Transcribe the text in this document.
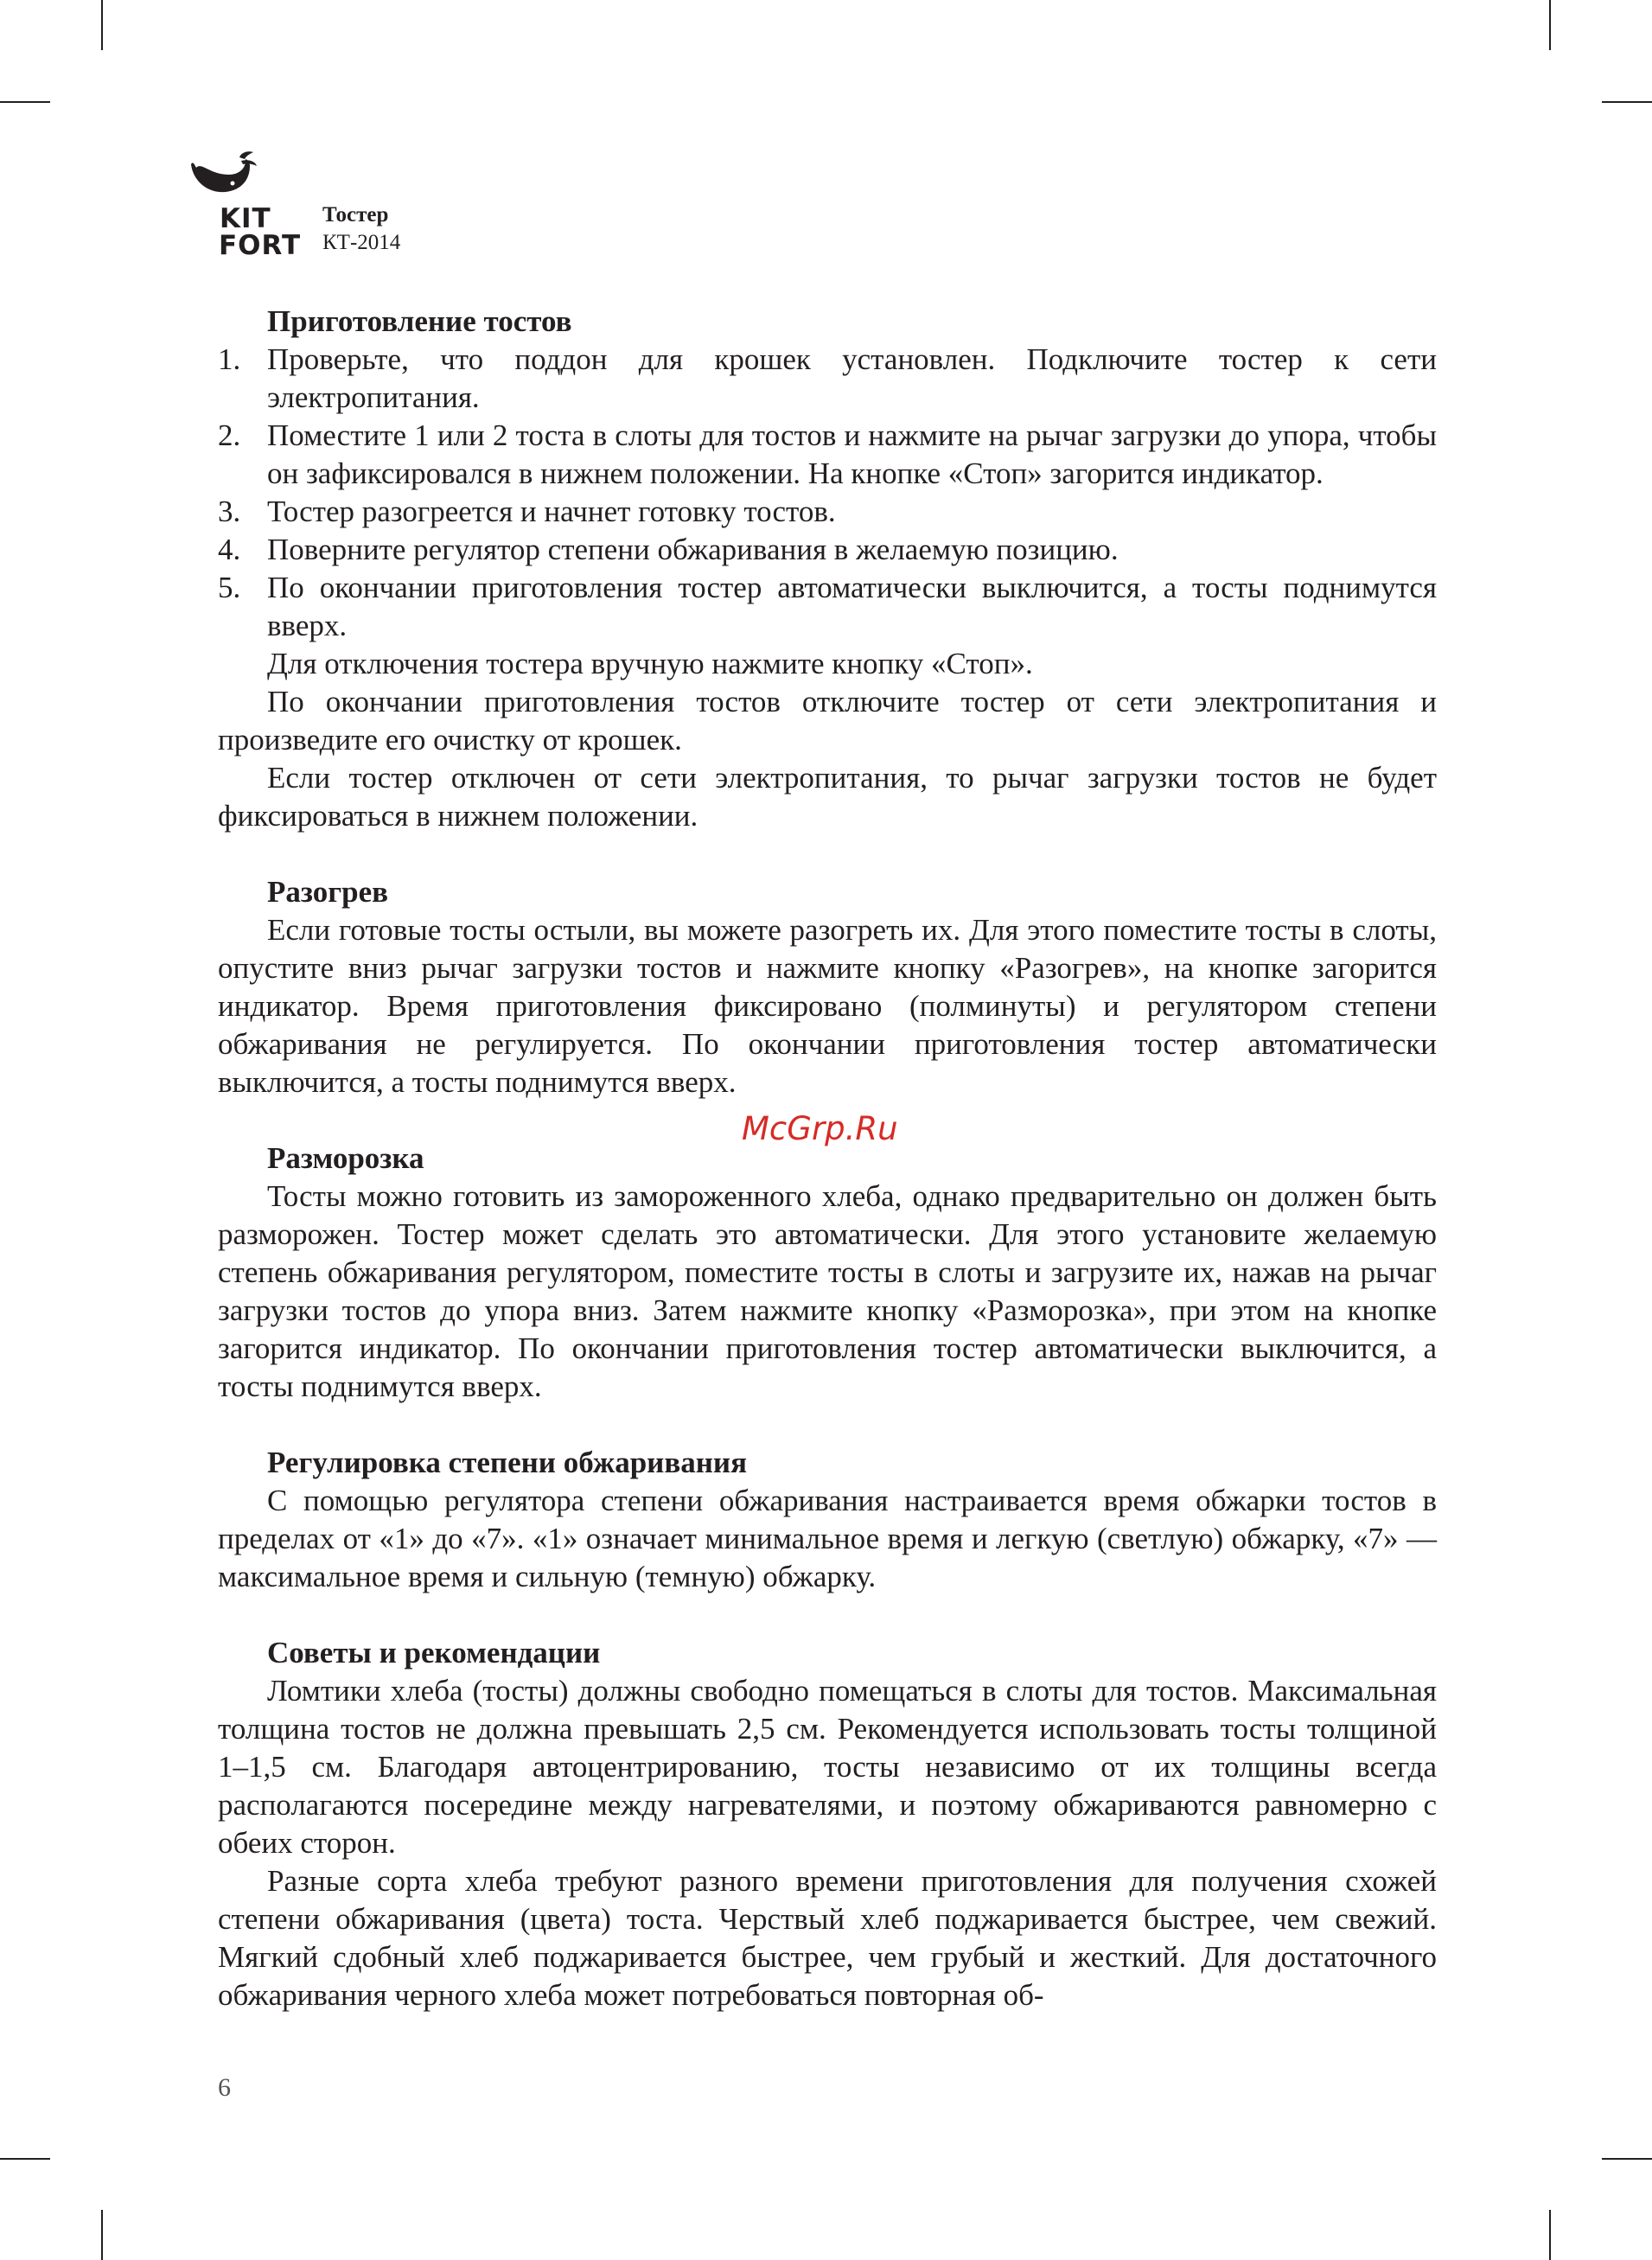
KIT
FORT
Тостер
КТ-2014
Приготовление тостов
1. Проверьте, что поддон для крошек установлен. Подключите тостер к сети электропитания.
2. Поместите 1 или 2 тоста в слоты для тостов и нажмите на рычаг загрузки до упора, чтобы он зафиксировался в нижнем положении. На кнопке «Стоп» загорится индикатор.
3. Тостер разогреется и начнет готовку тостов.
4. Поверните регулятор степени обжаривания в желаемую позицию.
5. По окончании приготовления тостер автоматически выключится, а тосты поднимутся вверх.

Для отключения тостера вручную нажмите кнопку «Стоп».

По окончании приготовления тостов отключите тостер от сети электропитания и произведите его очистку от крошек.

Если тостер отключен от сети электропитания, то рычаг загрузки тостов не будет фиксироваться в нижнем положении.

Разогрев

Если готовые тосты остыли, вы можете разогреть их. Для этого поместите тосты в слоты, опустите вниз рычаг загрузки тостов и нажмите кнопку «Разогрев», на кнопке загорится индикатор. Время приготовления фиксировано (полминуты) и регулятором степени обжаривания не регулируется. По окончании приготовления тостер автоматически выключится, а тосты поднимутся вверх.

Разморозка

Тосты можно готовить из замороженного хлеба, однако предварительно он должен быть разморожен. Тостер может сделать это автоматически. Для этого установите желаемую степень обжаривания регулятором, поместите тосты в слоты и загрузите их, нажав на рычаг загрузки тостов до упора вниз. Затем нажмите кнопку «Разморозка», при этом на кнопке загорится индикатор. По окончании приготовления тостер автоматически выключится, а тосты поднимутся вверх.

Регулировка степени обжаривания

С помощью регулятора степени обжаривания настраивается время обжарки тостов в пределах от «1» до «7». «1» означает минимальное время и легкую (светлую) обжарку, «7» — максимальное время и сильную (темную) обжарку.

Советы и рекомендации

Ломтики хлеба (тосты) должны свободно помещаться в слоты для тостов. Максимальная толщина тостов не должна превышать 2,5 см. Рекомендуется использовать тосты толщиной 1–1,5 см. Благодаря автоцентрированию, тосты независимо от их толщины всегда располагаются посередине между нагревателями, и поэтому обжариваются равномерно с обеих сторон.

Разные сорта хлеба требуют разного времени приготовления для получения схожей степени обжаривания (цвета) тоста. Черствый хлеб поджаривается быстрее, чем свежий. Мягкий сдобный хлеб поджаривается быстрее, чем грубый и жесткий. Для достаточного обжаривания черного хлеба может потребоваться повторная об-

McGrp.Ru
6
